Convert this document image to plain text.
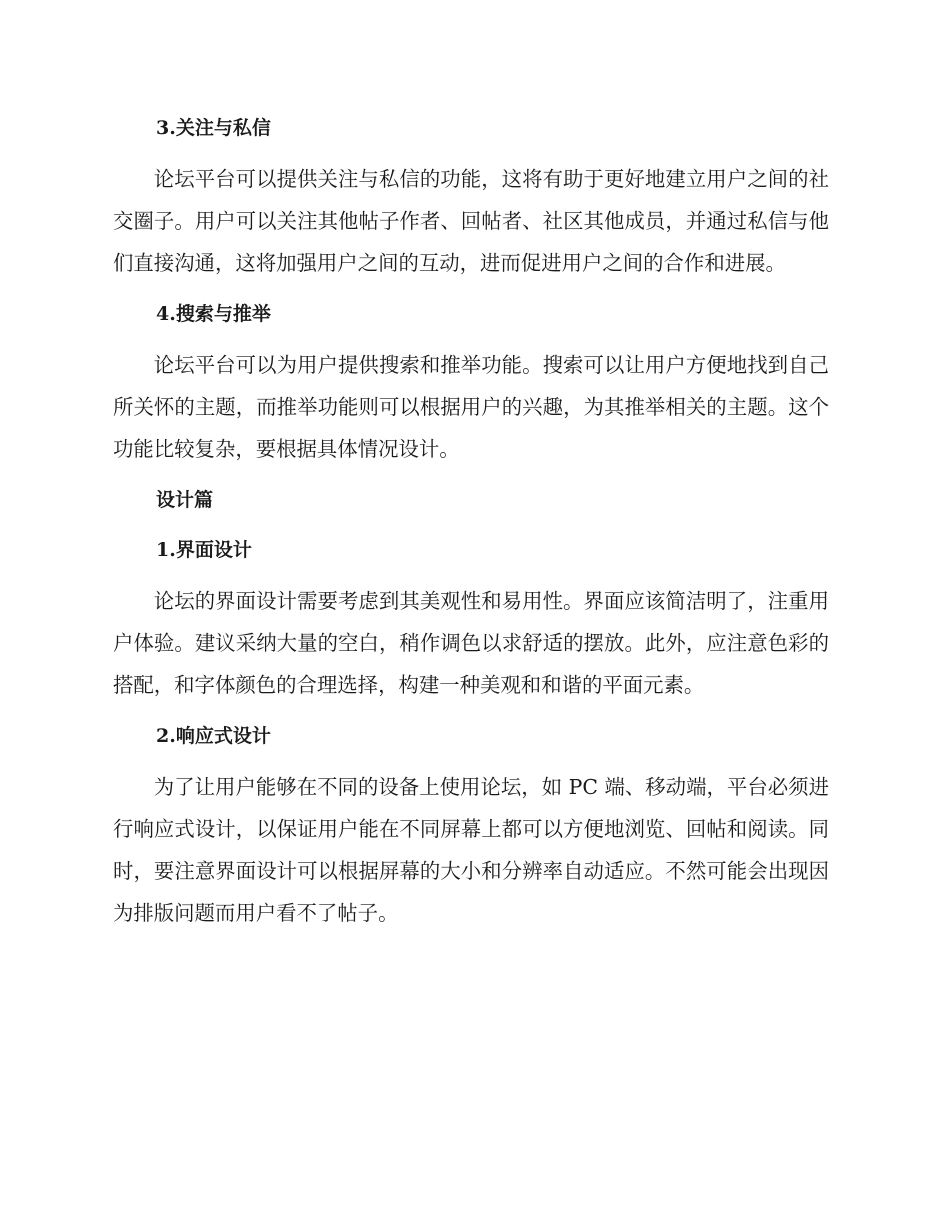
3.关注与私信

论坛平台可以提供关注与私信的功能，这将有助于更好地建立用户之间的社交圈子。用户可以关注其他帖子作者、回帖者、社区其他成员，并通过私信与他们直接沟通，这将加强用户之间的互动，进而促进用户之间的合作和进展。

4.搜索与推举

论坛平台可以为用户提供搜索和推举功能。搜索可以让用户方便地找到自己所关怀的主题，而推举功能则可以根据用户的兴趣，为其推举相关的主题。这个功能比较复杂，要根据具体情况设计。

设计篇

1.界面设计

论坛的界面设计需要考虑到其美观性和易用性。界面应该简洁明了，注重用户体验。建议采纳大量的空白，稍作调色以求舒适的摆放。此外，应注意色彩的搭配，和字体颜色的合理选择，构建一种美观和和谐的平面元素。

2.响应式设计

为了让用户能够在不同的设备上使用论坛，如 PC 端、移动端，平台必须进行响应式设计，以保证用户能在不同屏幕上都可以方便地浏览、回帖和阅读。同时，要注意界面设计可以根据屏幕的大小和分辨率自动适应。不然可能会出现因为排版问题而用户看不了帖子。
